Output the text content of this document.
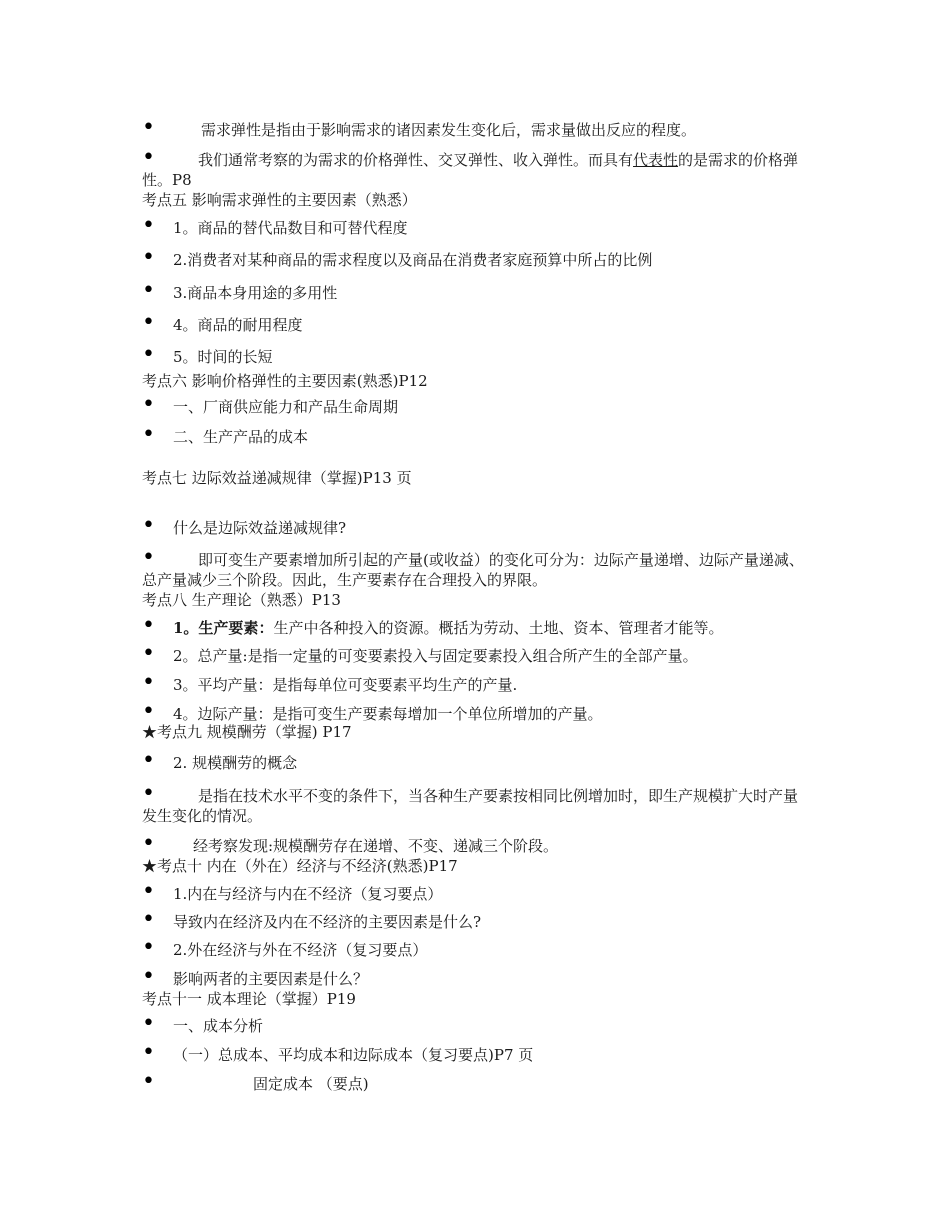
• 需求弹性是指由于影响需求的诸因素发生变化后，需求量做出反应的程度。
• 我们通常考察的为需求的价格弹性、交叉弹性、收入弹性。而具有代表性的是需求的价格弹性。P8
考点五 影响需求弹性的主要因素（熟悉）
• 1。商品的替代品数目和可替代程度
• 2.消费者对某种商品的需求程度以及商品在消费者家庭预算中所占的比例
• 3.商品本身用途的多用性
• 4。商品的耐用程度
• 5。时间的长短
考点六 影响价格弹性的主要因素(熟悉)P12
• 一、厂商供应能力和产品生命周期
• 二、生产产品的成本
考点七 边际效益递减规律（掌握)P13 页
• 什么是边际效益递减规律?
• 即可变生产要素增加所引起的产量(或收益）的变化可分为：边际产量递增、边际产量递减、总产量减少三个阶段。因此，生产要素存在合理投入的界限。
考点八 生产理论（熟悉）P13
• 1。生产要素：生产中各种投入的资源。概括为劳动、土地、资本、管理者才能等。
• 2。总产量:是指一定量的可变要素投入与固定要素投入组合所产生的全部产量。
• 3。平均产量：是指每单位可变要素平均生产的产量.
• 4。边际产量：是指可变生产要素每增加一个单位所增加的产量。
★考点九 规模酬劳（掌握) P17
• 2. 规模酬劳的概念
• 是指在技术水平不变的条件下，当各种生产要素按相同比例增加时，即生产规模扩大时产量发生变化的情况。
• 经考察发现:规模酬劳存在递增、不变、递减三个阶段。
★考点十 内在（外在）经济与不经济(熟悉)P17
• 1.内在与经济与内在不经济（复习要点）
• 导致内在经济及内在不经济的主要因素是什么?
• 2.外在经济与外在不经济（复习要点）
• 影响两者的主要因素是什么？
考点十一 成本理论（掌握）P19
• 一、成本分析
• （一）总成本、平均成本和边际成本（复习要点)P7 页
• 固定成本 （要点)
